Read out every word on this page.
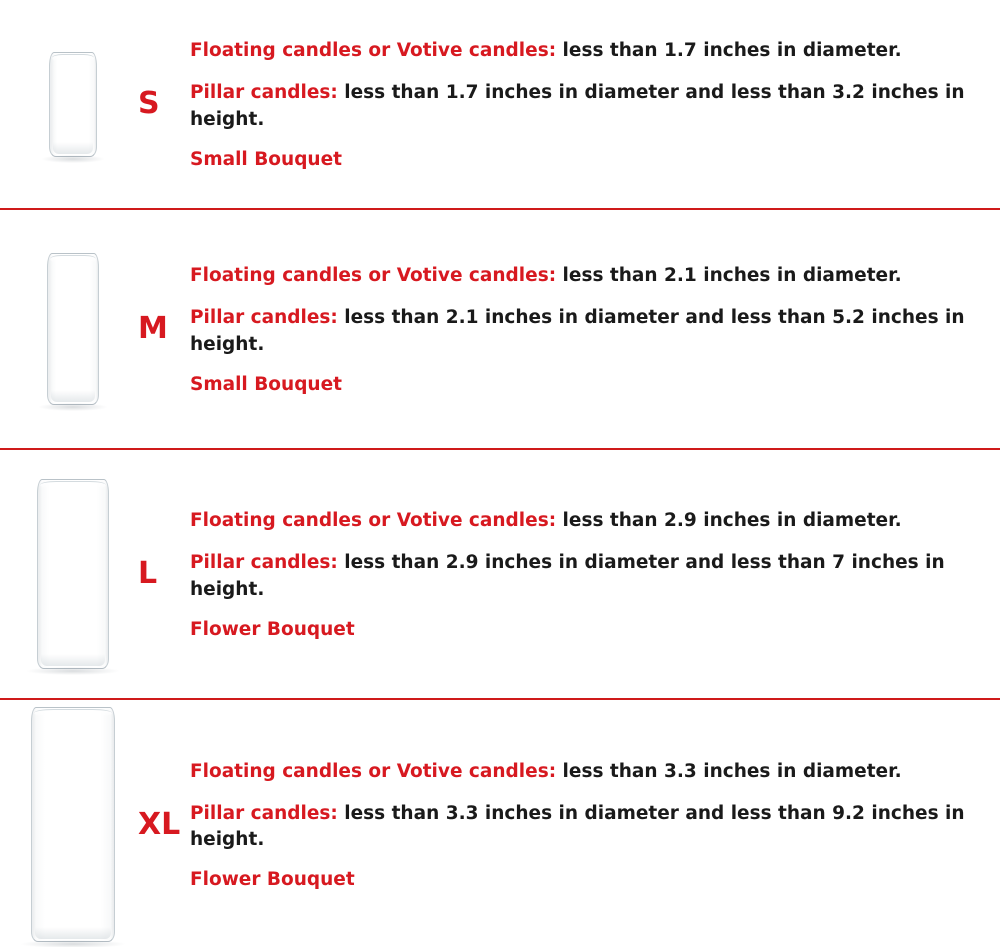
S

Floating candles or Votive candles: less than 1.7 inches in diameter.

Pillar candles: less than 1.7 inches in diameter and less than 3.2 inches in height.

Small Bouquet

M

Floating candles or Votive candles: less than 2.1 inches in diameter.

Pillar candles: less than 2.1 inches in diameter and less than 5.2 inches in height.

Small Bouquet

L

Floating candles or Votive candles: less than 2.9 inches in diameter.

Pillar candles: less than 2.9 inches in diameter and less than 7 inches in height.

Flower Bouquet

XL

Floating candles or Votive candles: less than 3.3 inches in diameter.

Pillar candles: less than 3.3 inches in diameter and less than 9.2 inches in height.

Flower Bouquet
